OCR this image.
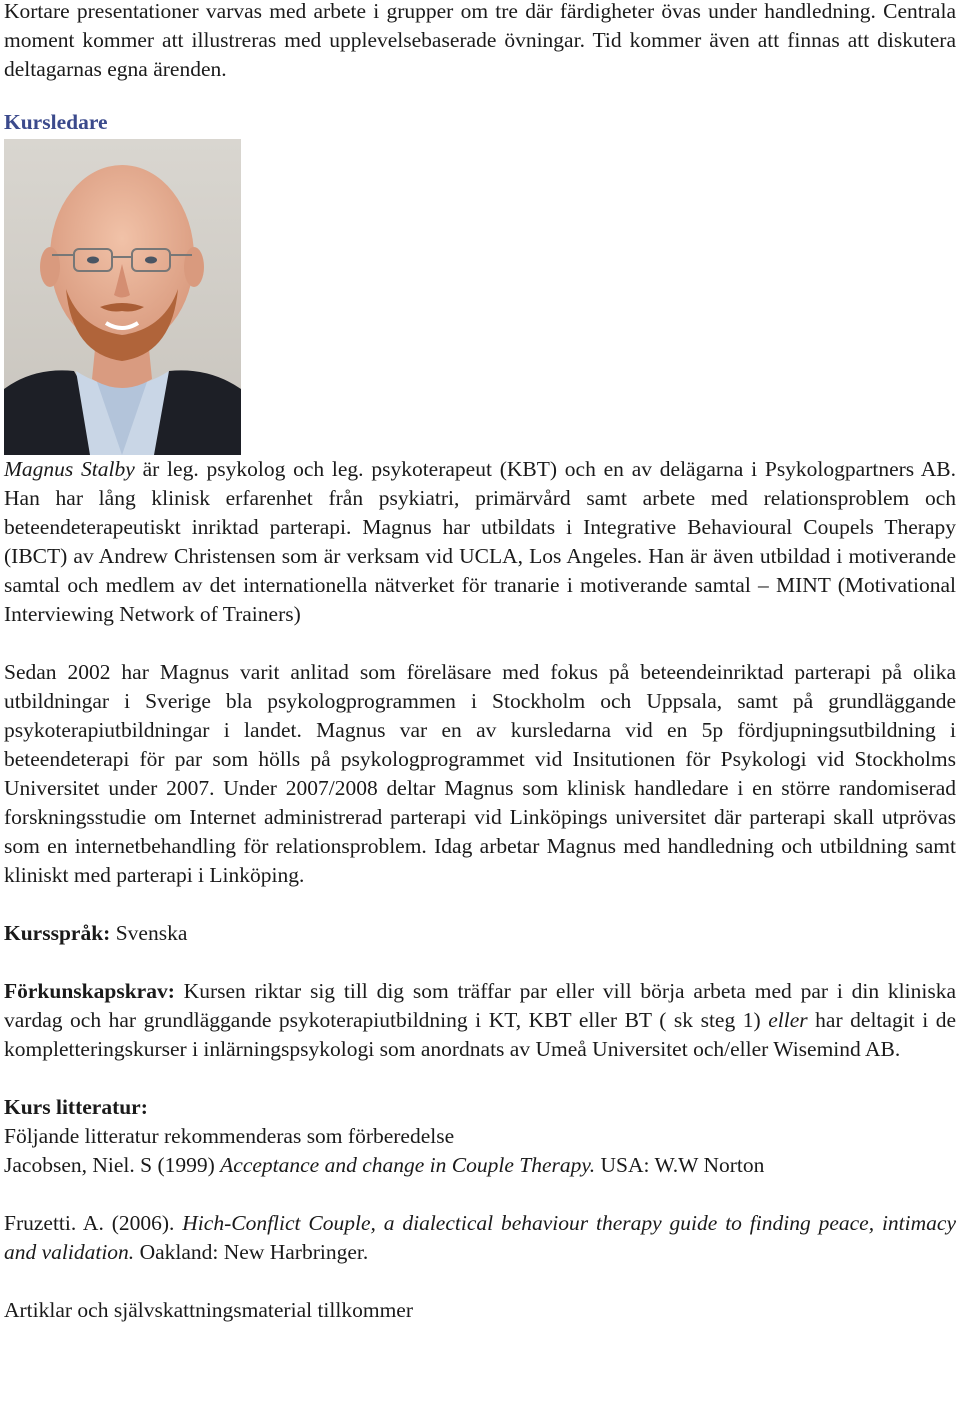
Kortare presentationer varvas med arbete i grupper om tre där färdigheter övas under handledning. Centrala moment kommer att illustreras med upplevelsebaserade övningar. Tid kommer även att finnas att diskutera deltagarnas egna ärenden.

Kursledare

Magnus Stalby är leg. psykolog och leg. psykoterapeut (KBT) och en av delägarna i Psykologpartners AB. Han har lång klinisk erfarenhet från psykiatri, primärvård samt arbete med relationsproblem och beteendeterapeutiskt inriktad parterapi. Magnus har utbildats i Integrative Behavioural Coupels Therapy (IBCT) av Andrew Christensen som är verksam vid UCLA, Los Angeles. Han är även utbildad i motiverande samtal och medlem av det internationella nätverket för tranarie i motiverande samtal – MINT (Motivational Interviewing Network of Trainers)

Sedan 2002 har Magnus varit anlitad som föreläsare med fokus på beteendeinriktad parterapi på olika utbildningar i Sverige bla psykologprogrammen i Stockholm och Uppsala, samt på grundläggande psykoterapiutbildningar i landet. Magnus var en av kursledarna vid en 5p fördjupningsutbildning i beteendeterapi för par som hölls på psykologprogrammet vid Insitutionen för Psykologi vid Stockholms Universitet under 2007. Under 2007/2008 deltar Magnus som klinisk handledare i en större randomiserad forskningsstudie om Internet administrerad parterapi vid Linköpings universitet där parterapi skall utprövas som en internetbehandling för relationsproblem. Idag arbetar Magnus med handledning och utbildning samt kliniskt med parterapi i Linköping.

Kursspråk: Svenska

Förkunskapskrav: Kursen riktar sig till dig som träffar par eller vill börja arbeta med par i din kliniska vardag och har grundläggande psykoterapiutbildning i KT, KBT eller BT ( sk steg 1) eller har deltagit i de kompletteringskurser i inlärningspsykologi som anordnats av Umeå Universitet och/eller Wisemind AB.

Kurs litteratur:

Följande litteratur rekommenderas som förberedelse

Jacobsen, Niel. S (1999) Acceptance and change in Couple Therapy. USA: W.W Norton

Fruzetti. A. (2006). Hich-Conflict Couple, a dialectical behaviour therapy guide to finding peace, intimacy and validation. Oakland: New Harbringer.

Artiklar och självskattningsmaterial tillkommer
